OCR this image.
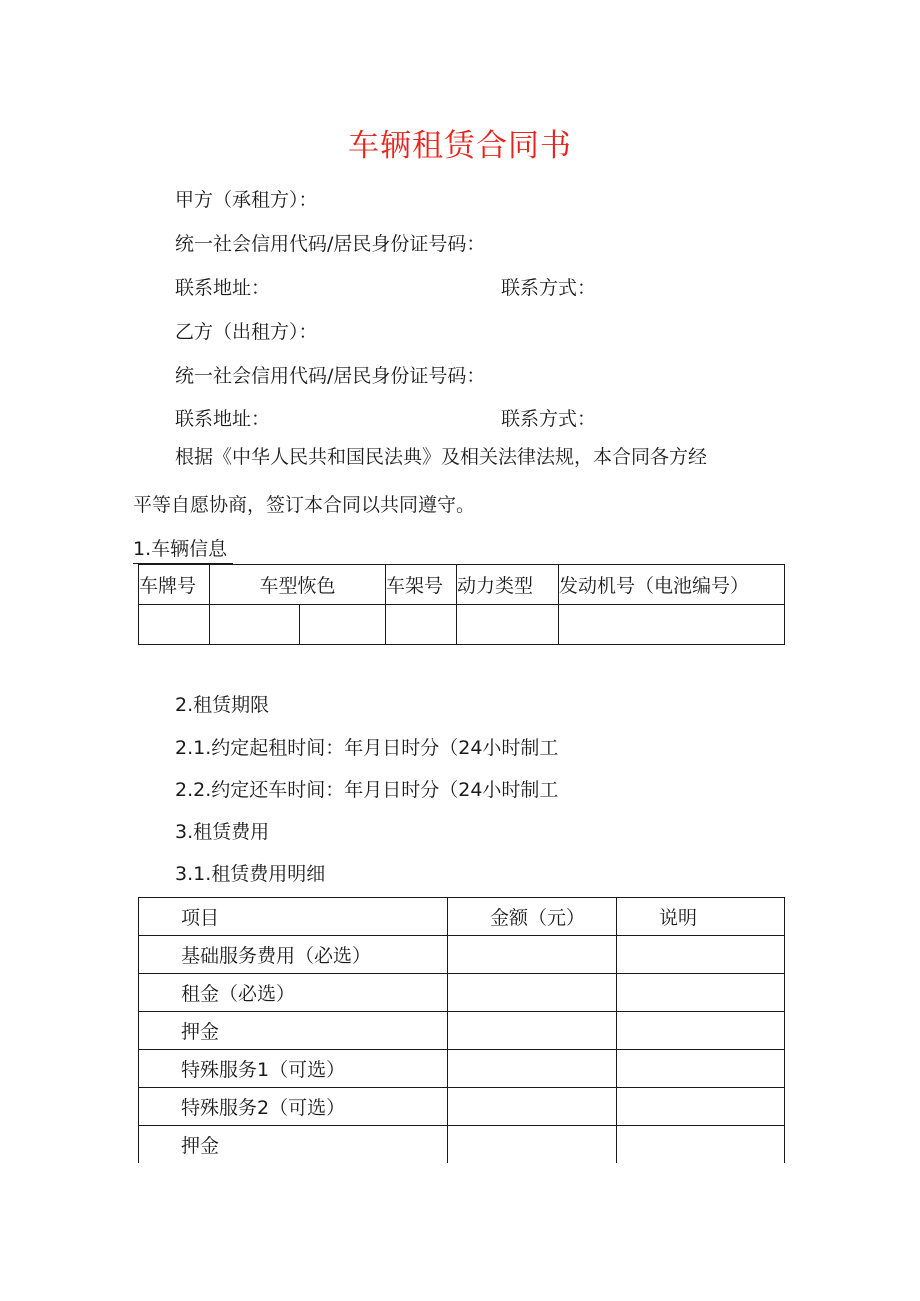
车辆租赁合同书
甲方（承租方）：
统一社会信用代码/居民身份证号码：
联系地址：	联系方式：
乙方（出租方）：
统一社会信用代码/居民身份证号码：
联系地址：	联系方式：
根据《中华人民共和国民法典》及相关法律法规，本合同各方经
平等自愿协商，签订本合同以共同遵守。
1.车辆信息
车牌号	车型恢色		车架号	动力类型	发动机号（电池编号）

2.租赁期限
2.1.约定起租时间：年月日时分（24小时制工
2.2.约定还车时间：年月日时分（24小时制工
3.租赁费用
3.1.租赁费用明细
项目	金额（元）	说明
基础服务费用（必选）		
租金（必选）		
押金		
特殊服务1（可选）		
特殊服务2（可选）		
押金		
